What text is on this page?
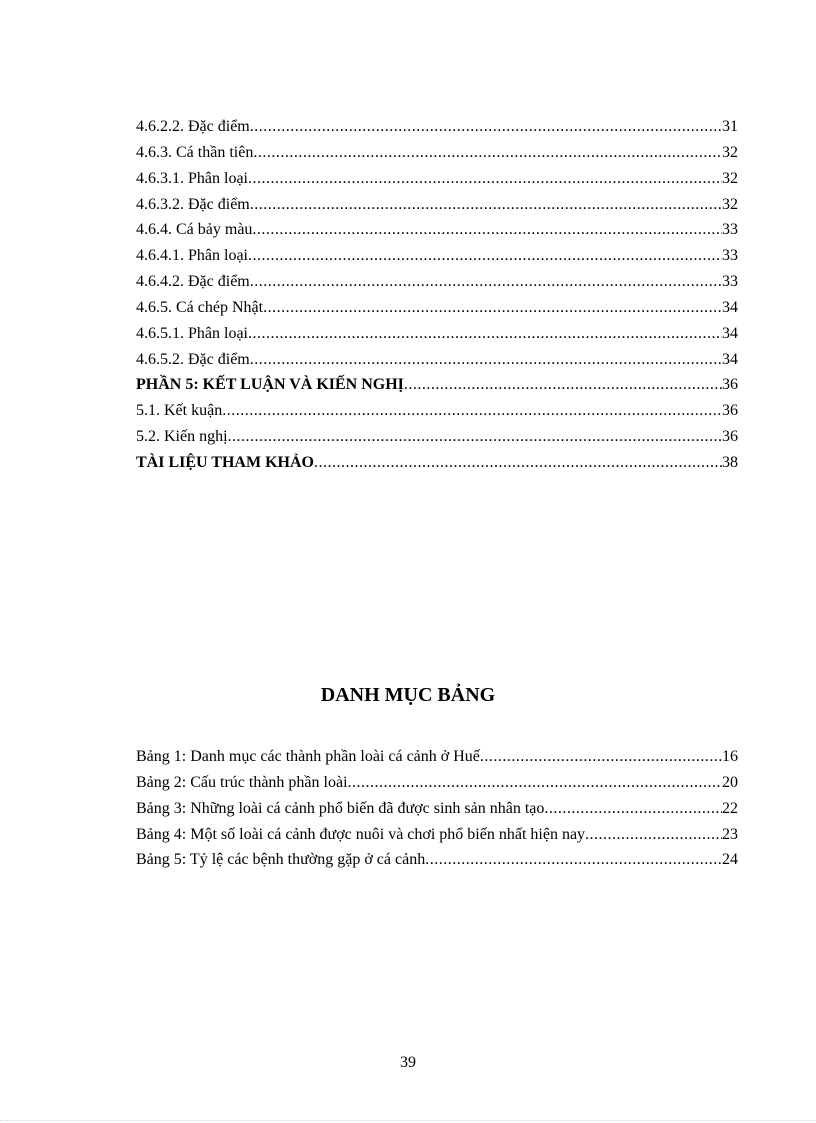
4.6.2.2. Đặc điểm .....	31
4.6.3. Cá thần tiên .....	32
4.6.3.1. Phân loại .....	32
4.6.3.2. Đặc điểm .....	32
4.6.4. Cá bảy màu .....	33
4.6.4.1. Phân loại .....	33
4.6.4.2. Đặc điểm .....	33
4.6.5. Cá chép Nhật .....	34
4.6.5.1. Phân loại .....	34
4.6.5.2. Đặc điểm .....	34
PHẦN 5: KẾT LUẬN VÀ KIẾN NGHỊ .....	36
5.1. Kết kuận .....	36
5.2. Kiến nghị .....	36
TÀI LIỆU THAM KHẢO .....	38
DANH MỤC BẢNG
Bảng 1: Danh mục các thành phần loài cá cảnh ở Huế .....	16
Bảng 2: Cấu trúc thành phần loài .....	20
Bảng 3: Những loài cá cảnh phổ biến đã được sinh sản nhân tạo .....	22
Bảng 4: Một số loài cá cảnh được nuôi và chơi phổ biến nhất hiện nay .....	23
Bảng 5: Tỷ lệ các bệnh thường gặp ở cá cảnh .....	24
39
